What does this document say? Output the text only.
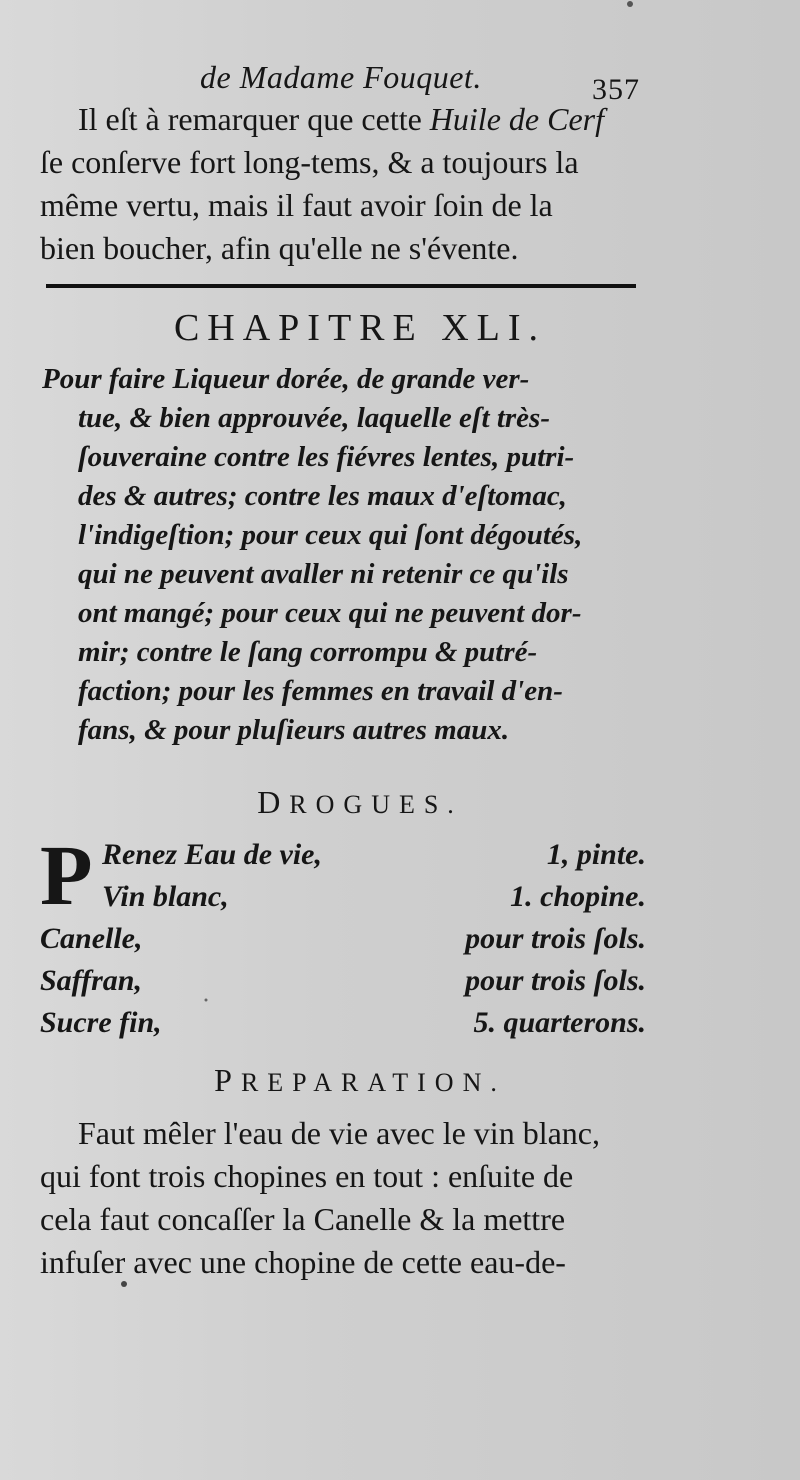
de Madame Fouquet.	357
Il eſt à remarquer que cette Huile de Cerf
ſe conſerve fort long-tems, & a toujours la
même vertu, mais il faut avoir ſoin de la
bien boucher, afin qu'elle ne s'évente.
CHAPITRE XLI.
Pour faire Liqueur dorée, de grande ver-
tue, & bien approuvée, laquelle eſt très-
ſouveraine contre les fiévres lentes, putri-
des & autres; contre les maux d'eſtomac,
l'indigeſtion; pour ceux qui ſont dégoutés,
qui ne peuvent avaller ni retenir ce qu'ils
ont mangé; pour ceux qui ne peuvent dor-
mir; contre le ſang corrompu & putré-
faction; pour les femmes en travail d'en-
fans, & pour pluſieurs autres maux.
DROGUES.
P Renez Eau de vie,	1, pinte.
Vin blanc,	1. chopine.
Canelle,	pour trois ſols.
Saffran,	pour trois ſols.
Sucre fin,	5. quarterons.
PREPARATION.
Faut mêler l'eau de vie avec le vin blanc,
qui font trois chopines en tout : enſuite de
cela faut concaſſer la Canelle & la mettre
infuſer avec une chopine de cette eau-de-
